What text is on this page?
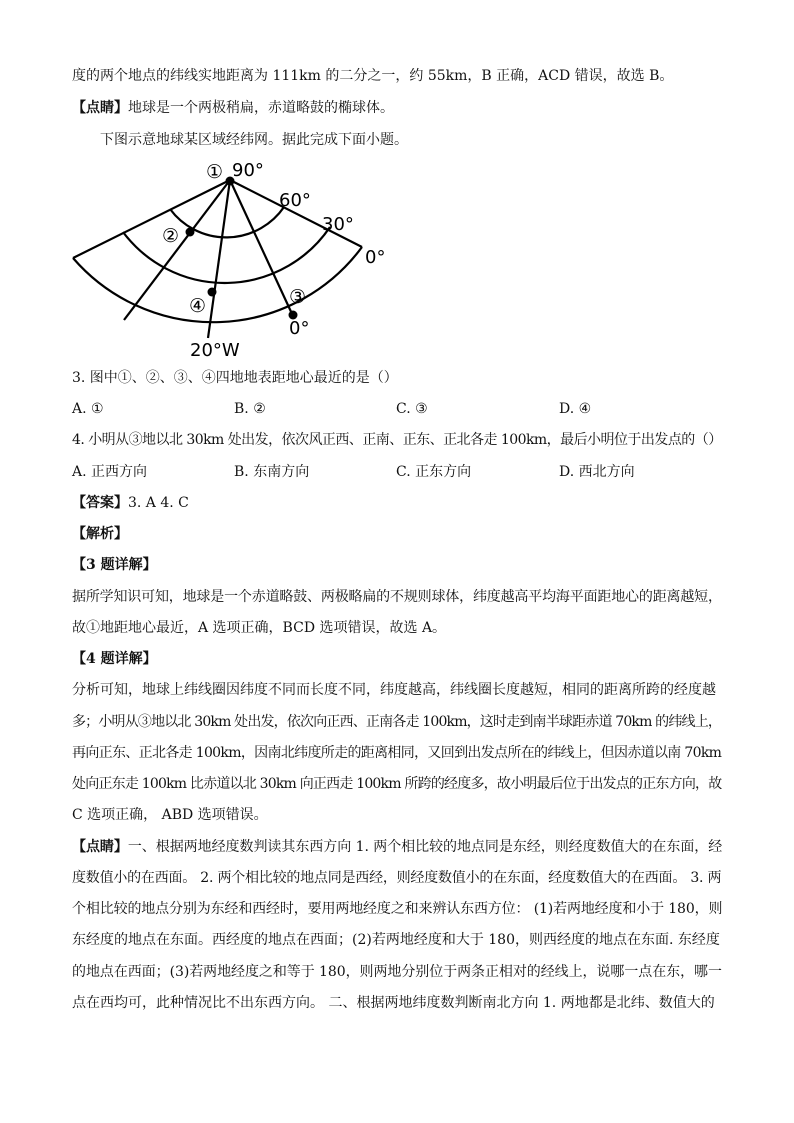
度的两个地点的纬线实地距离为 111km 的二分之一，约 55km，B 正确，ACD 错误，故选 B。
【点睛】地球是一个两极稍扁，赤道略鼓的椭球体。
下图示意地球某区域经纬网。据此完成下面小题。
① 90°
60°
30°
0°
②
④	③
0°
20°W
3. 图中①、②、③、④四地地表距地心最近的是（）
A. ①	B. ②	C. ③	D. ④
4. 小明从③地以北 30km 处出发，依次风正西、正南、正东、正北各走 100km，最后小明位于出发点的（）
A. 正西方向	B. 东南方向	C. 正东方向	D. 西北方向
【答案】3. A 4. C
【解析】
【3 题详解】
据所学知识可知，地球是一个赤道略鼓、两极略扁的不规则球体，纬度越高平均海平面距地心的距离越短，
故①地距地心最近，A 选项正确，BCD 选项错误，故选 A。
【4 题详解】
分析可知，地球上纬线圈因纬度不同而长度不同，纬度越高，纬线圈长度越短，相同的距离所跨的经度越
多；小明从③地以北 30km 处出发，依次向正西、正南各走 100km，这时走到南半球距赤道 70km 的纬线上，
再向正东、正北各走 100km，因南北纬度所走的距离相同，又回到出发点所在的纬线上，但因赤道以南 70km
处向正东走 100km 比赤道以北 30km 向正西走 100km 所跨的经度多，故小明最后位于出发点的正东方向，故
C 选项正确， ABD 选项错误。
【点睛】一、根据两地经度数判读其东西方向 1. 两个相比较的地点同是东经，则经度数值大的在东面，经
度数值小的在西面。 2. 两个相比较的地点同是西经，则经度数值小的在东面，经度数值大的在西面。 3. 两
个相比较的地点分别为东经和西经时，要用两地经度之和来辨认东西方位： (1)若两地经度和小于 180，则
东经度的地点在东面。西经度的地点在西面；(2)若两地经度和大于 180，则西经度的地点在东面. 东经度
的地点在西面；(3)若两地经度之和等于 180，则两地分别位于两条正相对的经线上，说哪一点在东，哪一
点在西均可，此种情况比不出东西方向。 二、根据两地纬度数判断南北方向 1. 两地都是北纬、数值大的
